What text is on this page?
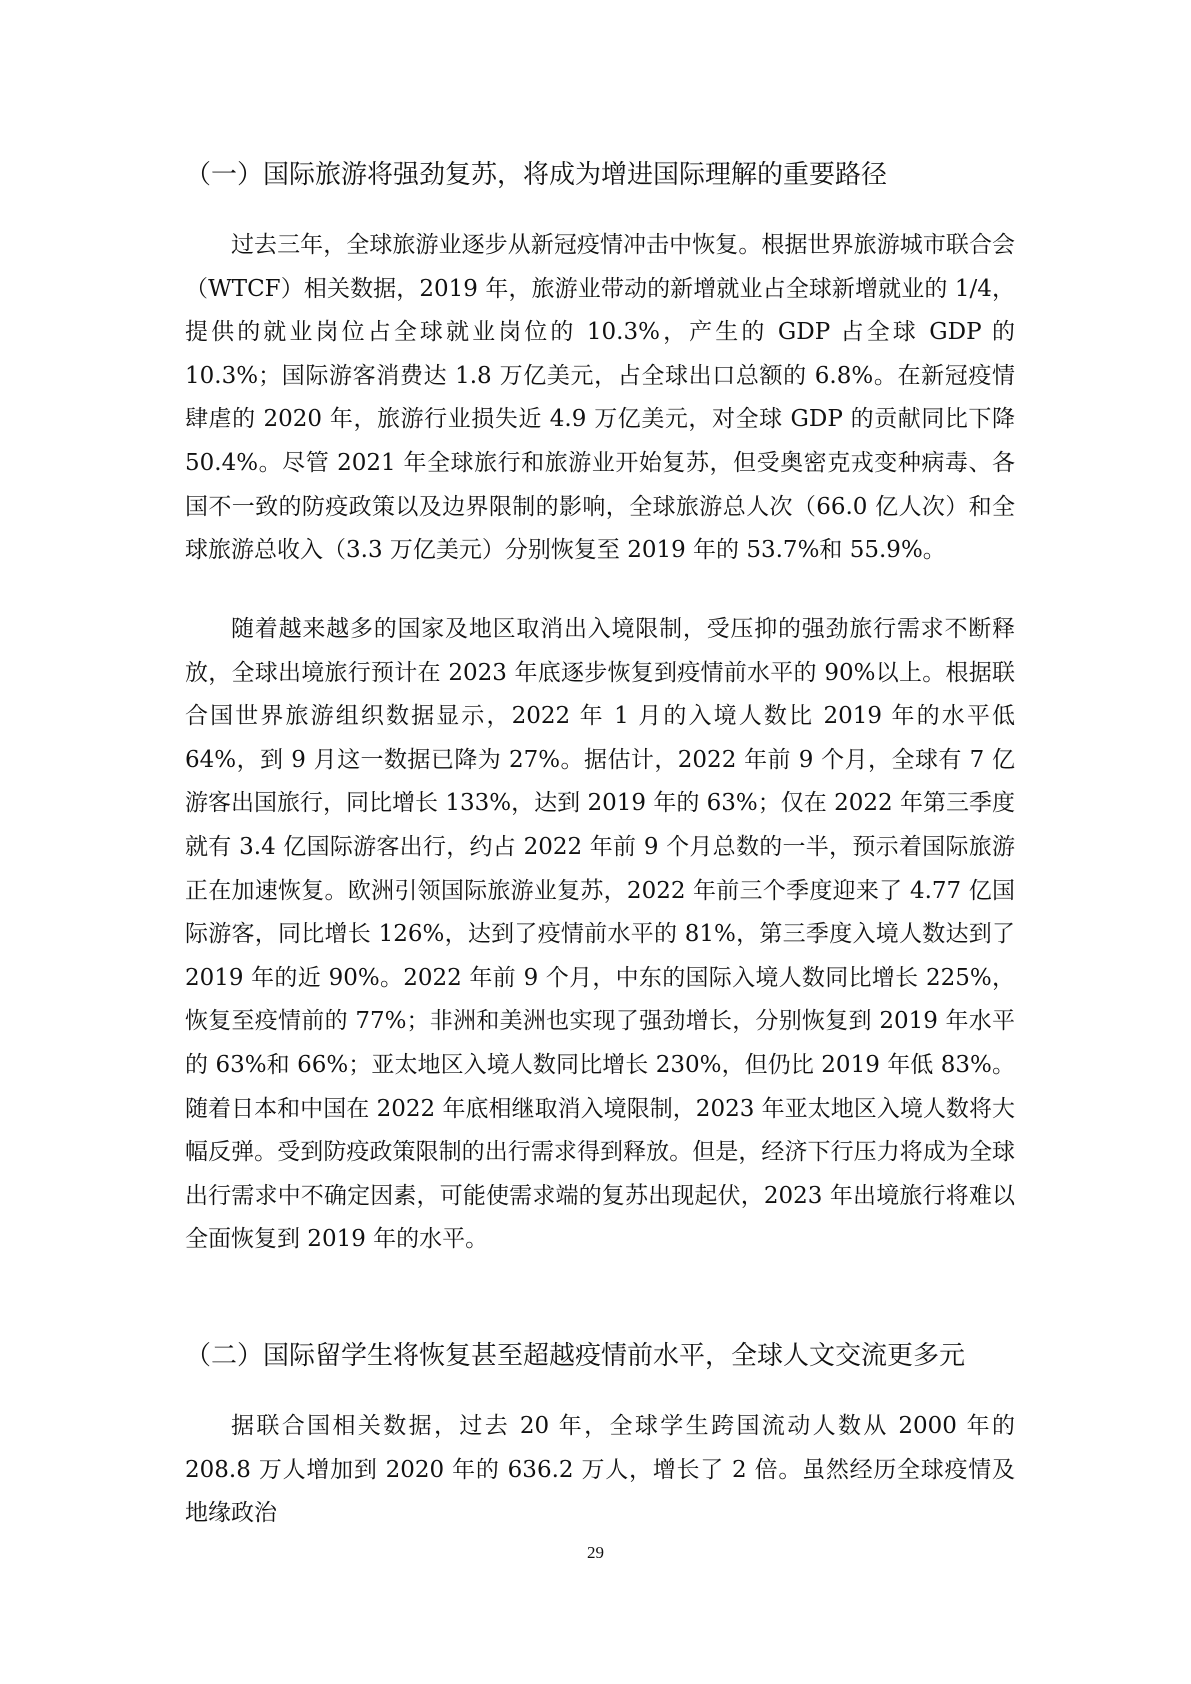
（一）国际旅游将强劲复苏，将成为增进国际理解的重要路径

过去三年，全球旅游业逐步从新冠疫情冲击中恢复。根据世界旅游城市联合会（WTCF）相关数据，2019 年，旅游业带动的新增就业占全球新增就业的 1/4，提供的就业岗位占全球就业岗位的 10.3%，产生的 GDP 占全球 GDP 的 10.3%；国际游客消费达 1.8 万亿美元，占全球出口总额的 6.8%。在新冠疫情肆虐的 2020 年，旅游行业损失近 4.9 万亿美元，对全球 GDP 的贡献同比下降 50.4%。尽管 2021 年全球旅行和旅游业开始复苏，但受奥密克戎变种病毒、各国不一致的防疫政策以及边界限制的影响，全球旅游总人次（66.0 亿人次）和全球旅游总收入（3.3 万亿美元）分别恢复至 2019 年的 53.7%和 55.9%。

随着越来越多的国家及地区取消出入境限制，受压抑的强劲旅行需求不断释放，全球出境旅行预计在 2023 年底逐步恢复到疫情前水平的 90%以上。根据联合国世界旅游组织数据显示，2022 年 1 月的入境人数比 2019 年的水平低 64%，到 9 月这一数据已降为 27%。据估计，2022 年前 9 个月，全球有 7 亿游客出国旅行，同比增长 133%，达到 2019 年的 63%；仅在 2022 年第三季度就有 3.4 亿国际游客出行，约占 2022 年前 9 个月总数的一半，预示着国际旅游正在加速恢复。欧洲引领国际旅游业复苏，2022 年前三个季度迎来了 4.77 亿国际游客，同比增长 126%，达到了疫情前水平的 81%，第三季度入境人数达到了 2019 年的近 90%。2022 年前 9 个月，中东的国际入境人数同比增长 225%，恢复至疫情前的 77%；非洲和美洲也实现了强劲增长，分别恢复到 2019 年水平的 63%和 66%；亚太地区入境人数同比增长 230%，但仍比 2019 年低 83%。随着日本和中国在 2022 年底相继取消入境限制，2023 年亚太地区入境人数将大幅反弹。受到防疫政策限制的出行需求得到释放。但是，经济下行压力将成为全球出行需求中不确定因素，可能使需求端的复苏出现起伏，2023 年出境旅行将难以全面恢复到 2019 年的水平。

（二）国际留学生将恢复甚至超越疫情前水平，全球人文交流更多元

据联合国相关数据，过去 20 年，全球学生跨国流动人数从 2000 年的 208.8 万人增加到 2020 年的 636.2 万人，增长了 2 倍。虽然经历全球疫情及地缘政治

29
